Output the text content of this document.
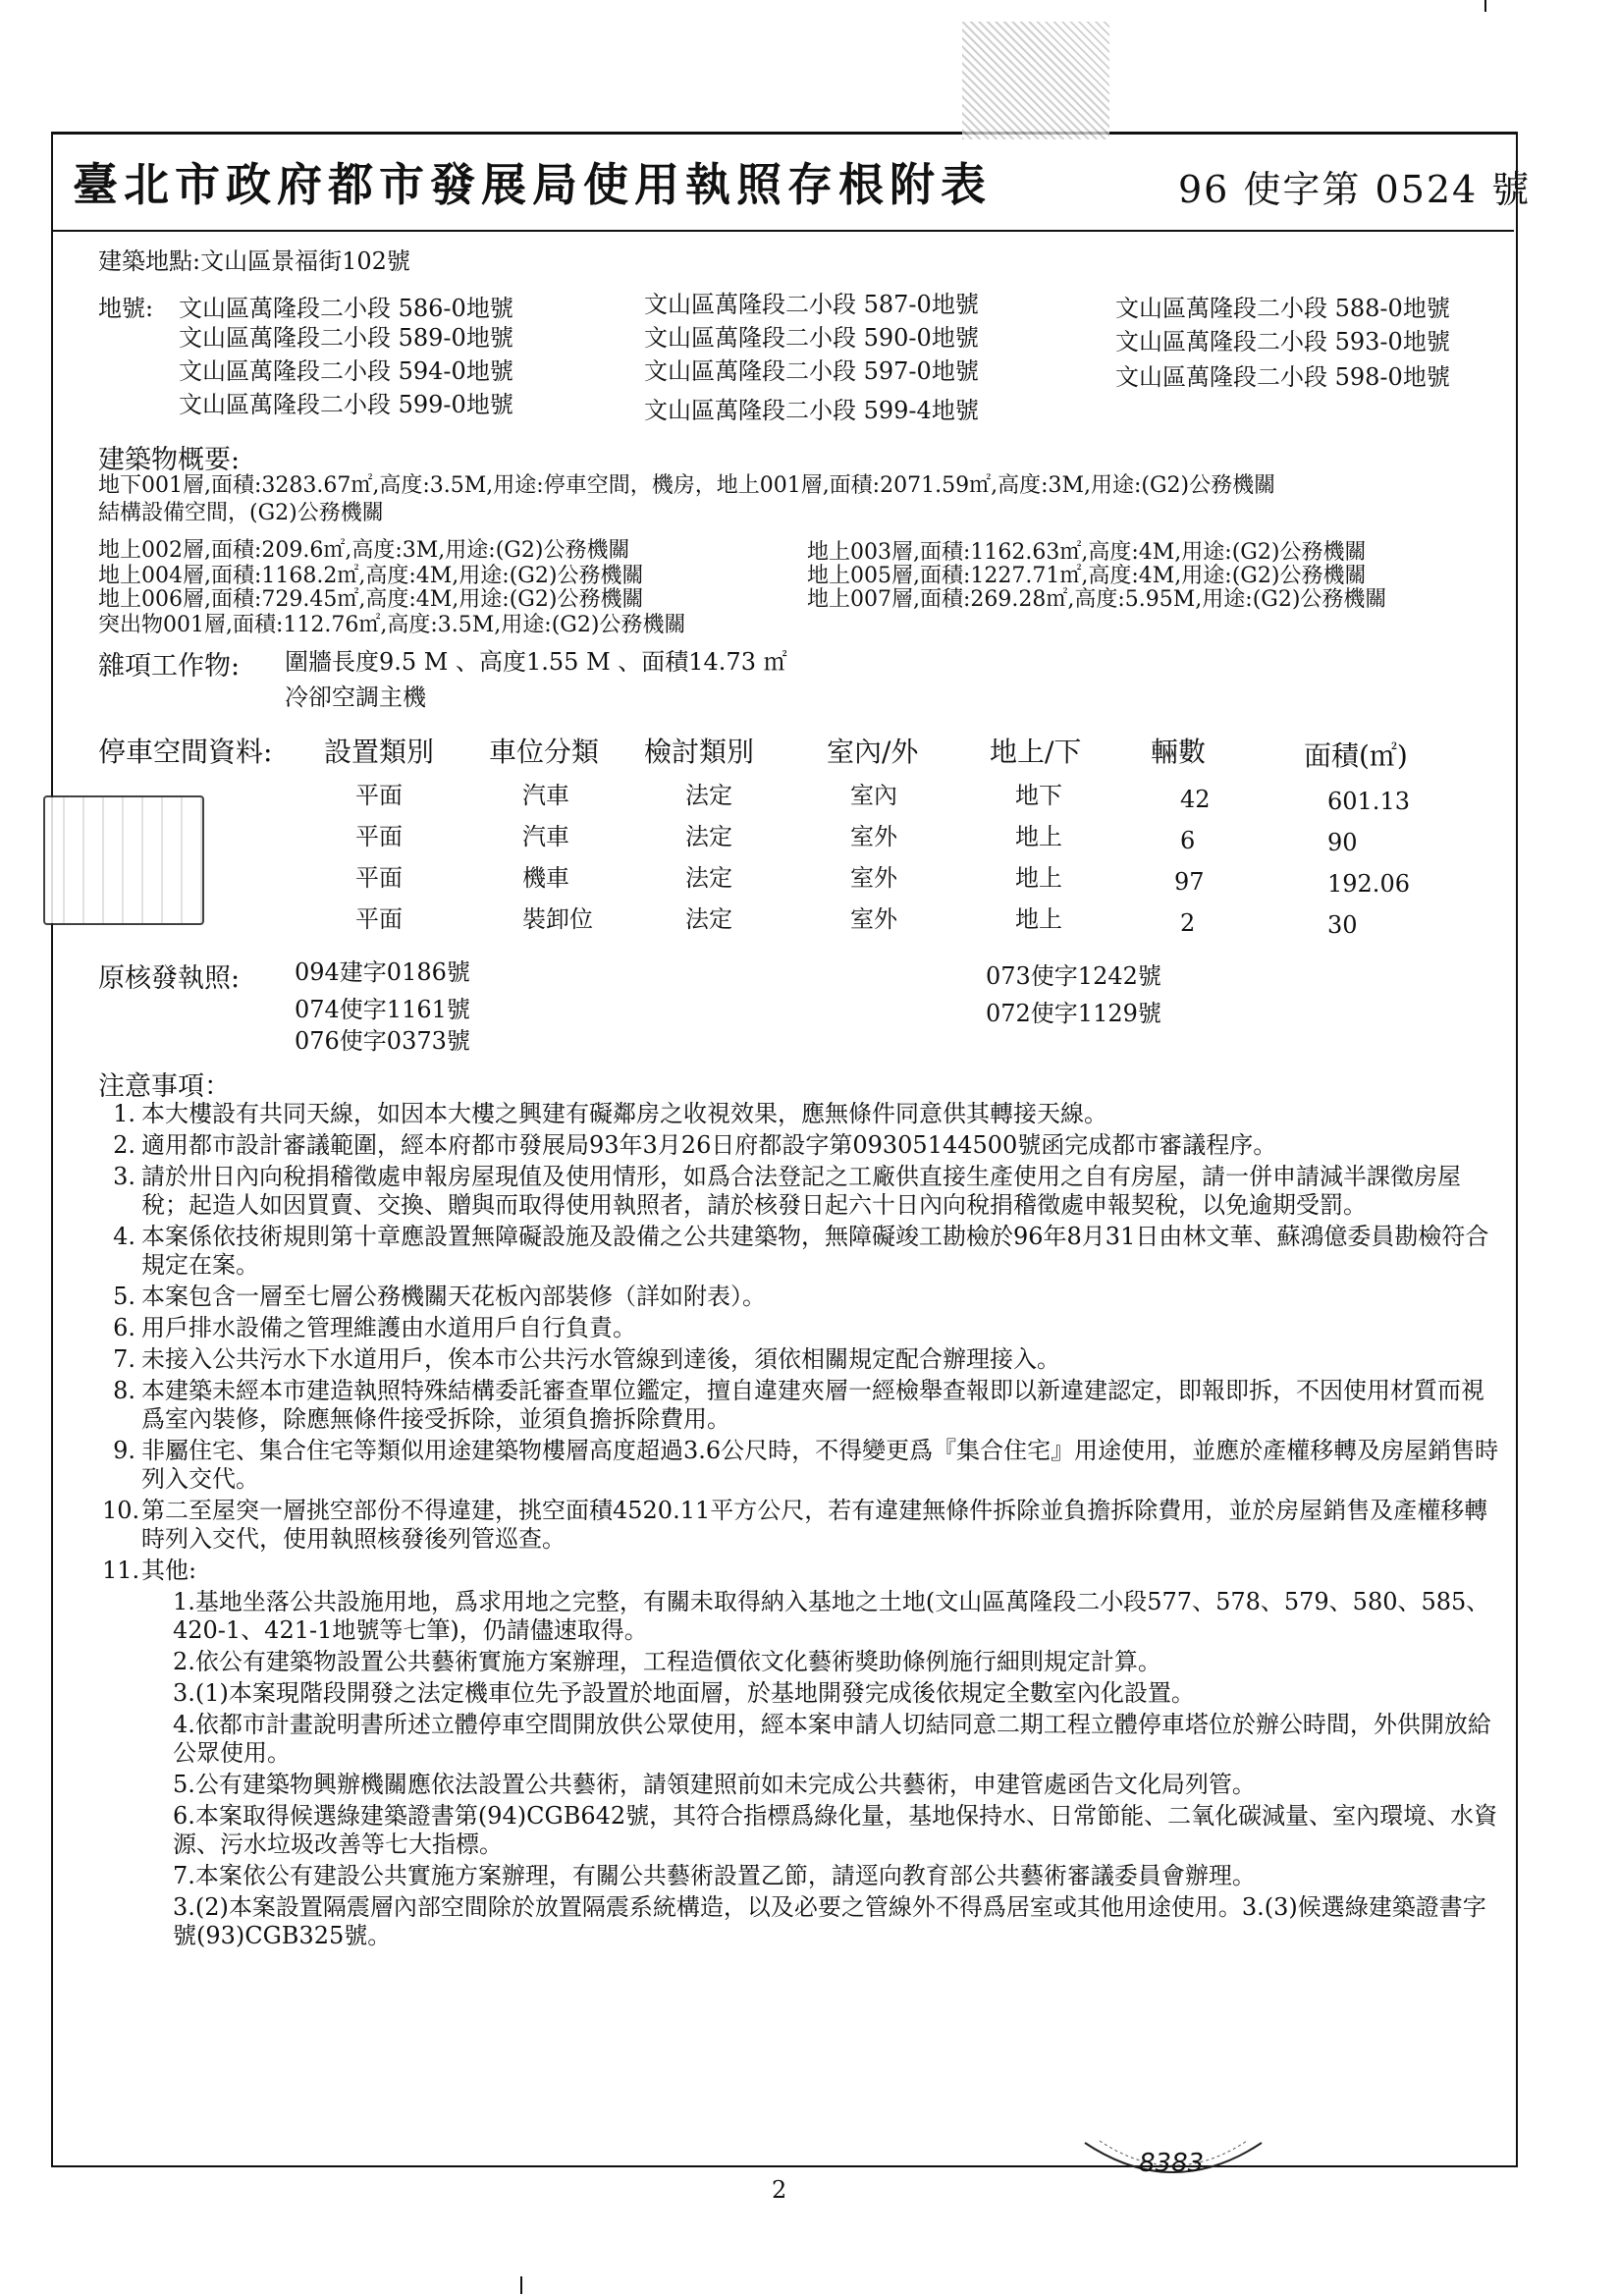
臺北市政府都市發展局使用執照存根附表	96 使字第 0524 號
建築地點:文山區景福街102號
地號: 文山區萬隆段二小段 586-0地號	文山區萬隆段二小段 587-0地號	文山區萬隆段二小段 588-0地號
文山區萬隆段二小段 589-0地號	文山區萬隆段二小段 590-0地號	文山區萬隆段二小段 593-0地號
文山區萬隆段二小段 594-0地號	文山區萬隆段二小段 597-0地號	文山區萬隆段二小段 598-0地號
文山區萬隆段二小段 599-0地號	文山區萬隆段二小段 599-4地號
建築物概要:
地下001層,面積:3283.67㎡,高度:3.5M,用途:停車空間，機房，地上001層,面積:2071.59㎡,高度:3M,用途:(G2)公務機關
結構設備空間，(G2)公務機關
地上002層,面積:209.6㎡,高度:3M,用途:(G2)公務機關
地上004層,面積:1168.2㎡,高度:4M,用途:(G2)公務機關
地上006層,面積:729.45㎡,高度:4M,用途:(G2)公務機關
突出物001層,面積:112.76㎡,高度:3.5M,用途:(G2)公務機關
地上003層,面積:1162.63㎡,高度:4M,用途:(G2)公務機關
地上005層,面積:1227.71㎡,高度:4M,用途:(G2)公務機關
地上007層,面積:269.28㎡,高度:5.95M,用途:(G2)公務機關
雜項工作物: 圍牆長度9.5 M 、高度1.55 M 、面積14.73 ㎡
冷卻空調主機
停車空間資料: 設置類別 車位分類 檢討類別	室內/外	地上/下	輛數	面積(㎡)
平面	汽車	法定	室內	地下	42	601.13
平面	汽車	法定	室外	地上	6	90
平面	機車	法定	室外	地上	97	192.06
平面	裝卸位	法定	室外	地上	2	30
原核發執照: 094建字0186號
074使字1161號
076使字0373號
073使字1242號
072使字1129號
注意事項：
1. 本大樓設有共同天線，如因本大樓之興建有礙鄰房之收視效果，應無條件同意供其轉接天線。
2. 適用都市設計審議範圍，經本府都市發展局93年3月26日府都設字第09305144500號函完成都市審議程序。
3. 請於卅日內向稅捐稽徵處申報房屋現值及使用情形，如爲合法登記之工廠供直接生產使用之自有房屋，請一併申請減半課徵房屋稅；起造人如因買賣、交換、贈與而取得使用執照者，請於核發日起六十日內向稅捐稽徵處申報契稅，以免逾期受罰。
4. 本案係依技術規則第十章應設置無障礙設施及設備之公共建築物，無障礙竣工勘檢於96年8月31日由林文華、蘇鴻億委員勘檢符合規定在案。
5. 本案包含一層至七層公務機關天花板內部裝修（詳如附表）。
6. 用戶排水設備之管理維護由水道用戶自行負責。
7. 未接入公共污水下水道用戶，俟本市公共污水管線到達後，須依相關規定配合辦理接入。
8. 本建築未經本市建造執照特殊結構委託審查單位鑑定，擅自違建夾層一經檢舉查報即以新違建認定，即報即拆，不因使用材質而視爲室內裝修，除應無條件接受拆除，並須負擔拆除費用。
9. 非屬住宅、集合住宅等類似用途建築物樓層高度超過3.6公尺時，不得變更爲『集合住宅』用途使用，並應於產權移轉及房屋銷售時列入交代。
10. 第二至屋突一層挑空部份不得違建，挑空面積4520.11平方公尺，若有違建無條件拆除並負擔拆除費用，並於房屋銷售及產權移轉時列入交代，使用執照核發後列管巡查。
11. 其他:
1.基地坐落公共設施用地，爲求用地之完整，有關未取得納入基地之土地(文山區萬隆段二小段577、578、579、580、585、420-1、421-1地號等七筆)，仍請儘速取得。
2.依公有建築物設置公共藝術實施方案辦理，工程造價依文化藝術獎助條例施行細則規定計算。
3.(1)本案現階段開發之法定機車位先予設置於地面層，於基地開發完成後依規定全數室內化設置。
4.依都市計畫說明書所述立體停車空間開放供公眾使用，經本案申請人切結同意二期工程立體停車塔位於辦公時間，外供開放給公眾使用。
5.公有建築物興辦機關應依法設置公共藝術，請領建照前如未完成公共藝術，申建管處函告文化局列管。
6.本案取得候選綠建築證書第(94)CGB642號，其符合指標爲綠化量，基地保持水、日常節能、二氧化碳減量、室內環境、水資源、污水垃圾改善等七大指標。
7.本案依公有建設公共實施方案辦理，有關公共藝術設置乙節，請逕向教育部公共藝術審議委員會辦理。
3.(2)本案設置隔震層內部空間除於放置隔震系統構造，以及必要之管線外不得爲居室或其他用途使用。3.(3)候選綠建築證書字號(93)CGB325號。
8383
2
